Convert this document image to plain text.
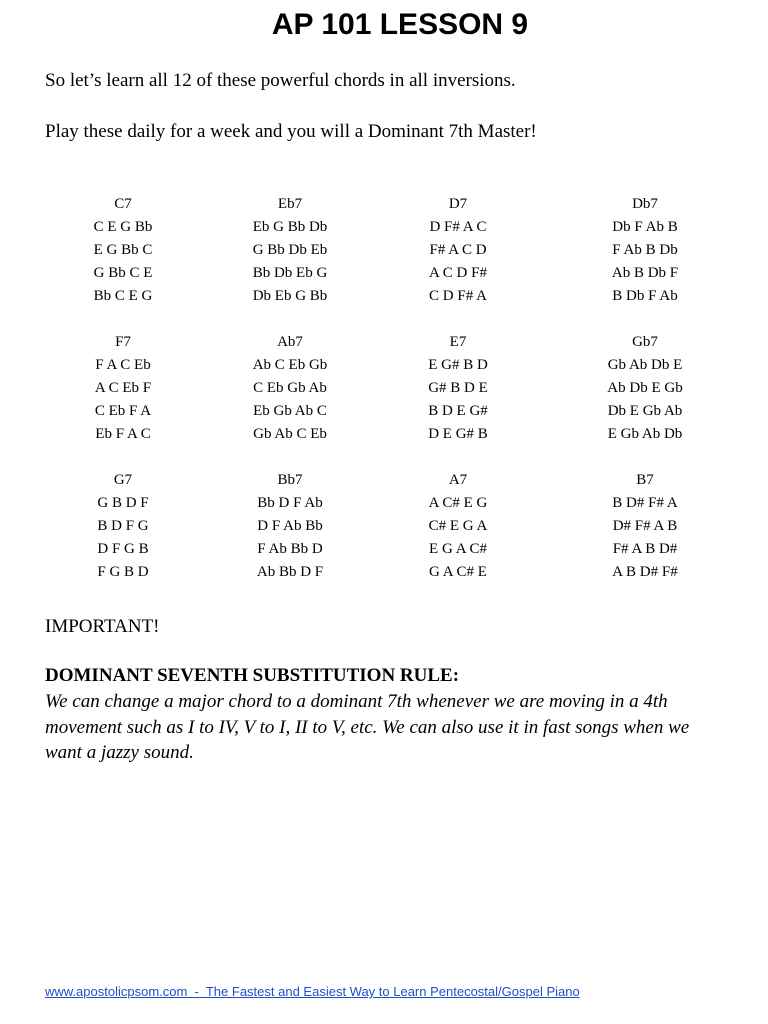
AP 101 LESSON 9

So let’s learn all 12 of these powerful chords in all inversions.

Play these daily for a week and you will a Dominant 7th Master!

C7
C E G Bb
E G Bb C
G Bb C E
Bb C E G
Eb7
Eb G Bb Db
G Bb Db Eb
Bb Db Eb G
Db Eb G Bb
D7
D F# A C
F# A C D
A C D F#
C D F# A
Db7
Db F Ab B
F Ab B Db
Ab B Db F
B Db F Ab
F7
F A C Eb
A C Eb F
C Eb F A
Eb F A C
Ab7
Ab C Eb Gb
C Eb Gb Ab
Eb Gb Ab C
Gb Ab C Eb
E7
E G# B D
G# B D E
B D E G#
D E G# B
Gb7
Gb Ab Db E
Ab Db E Gb
Db E Gb Ab
E Gb Ab Db
G7
G B D F
B D F G
D F G B
F G B D
Bb7
Bb D F Ab
D F Ab Bb
F Ab Bb D
Ab Bb D F
A7
A C# E G
C# E G A
E G A C#
G A C# E
B7
B D# F# A
D# F# A B
F# A B D#
A B D# F#

IMPORTANT!

DOMINANT SEVENTH SUBSTITUTION RULE:

We can change a major chord to a dominant 7th whenever we are moving in a 4th movement such as I to IV, V to I, II to V, etc. We can also use it in fast songs when we want a jazzy sound.

www.apostolicpsom.com  -  The Fastest and Easiest Way to Learn Pentecostal/Gospel Piano
